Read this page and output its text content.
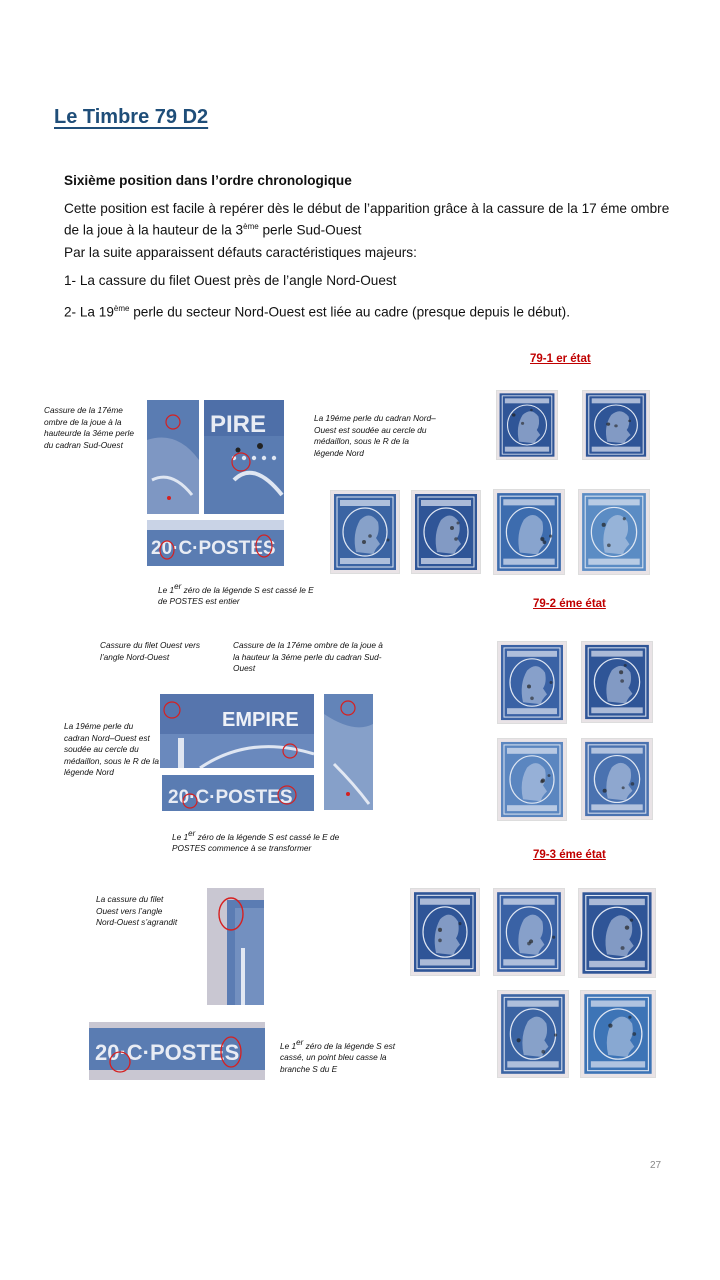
Le Timbre 79 D2
Sixième position dans l’ordre chronologique
Cette position est facile à repérer dès le début de l’apparition grâce à la cassure de la 17 éme ombre de la joue à la hauteur de la 3ème perle Sud-Ouest
Par la suite apparaissent défauts caractéristiques majeurs:
1- La cassure du filet Ouest près de l’angle Nord-Ouest
2- La 19ème perle du secteur Nord-Ouest est liée au cadre (presque depuis le début).
79-1 er état
79-2 éme état
79-3 éme état
Cassure de la 17éme ombre de la joue à la hauteurde la 3éme perle du cadran Sud-Ouest
La 19éme perle du cadran Nord–Ouest est soudée au cercle du médaillon, sous le R de la légende Nord
Le 1er zéro de la légende S est cassé le E de POSTES est entier
Cassure du filet Ouest vers l’angle Nord-Ouest
Cassure de la 17éme ombre de la joue à la hauteur la 3éme perle du cadran Sud-Ouest
La 19éme perle du cadran Nord–Ouest est soudée au cercle du médaillon, sous le R de la légende Nord
Le 1er zéro de la légende S est cassé le E de POSTES commence à se transformer
La cassure du filet Ouest vers l’angle Nord-Ouest s’agrandit
Le 1er zéro de la légende S est cassé, un point bleu casse la branche S du E
PIRE
20·C·POSTES
EMPIRE
20·C·POSTES
20·C·POSTES
27
